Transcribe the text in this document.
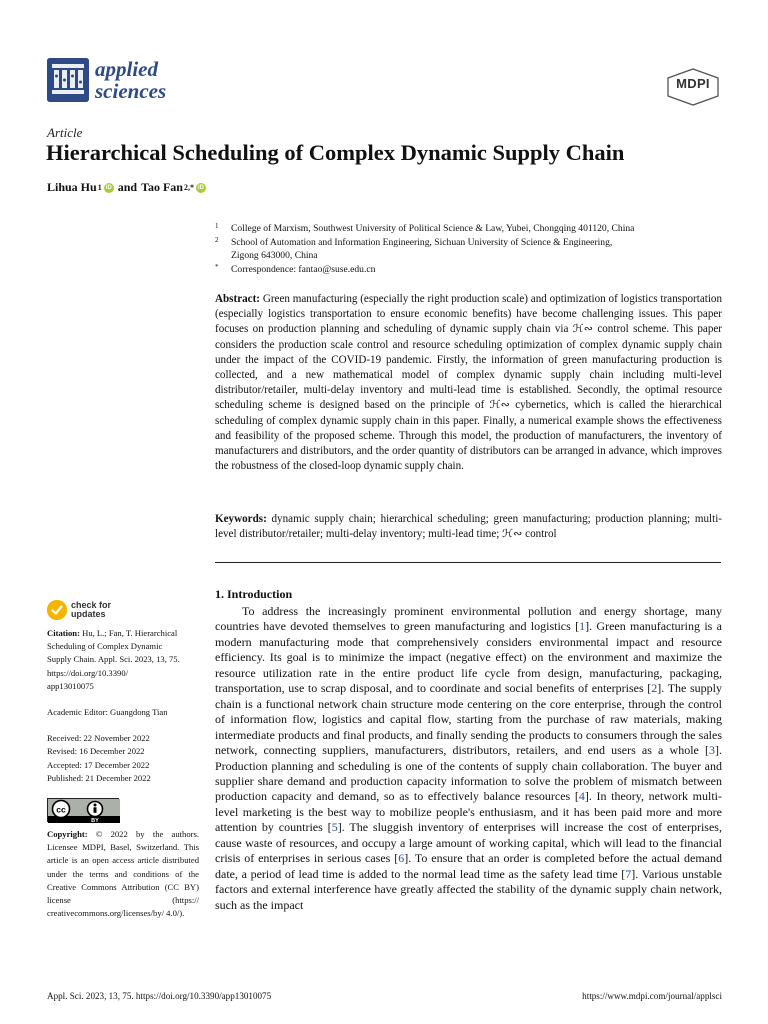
applied
sciences	MDPI
Article
Hierarchical Scheduling of Complex Dynamic Supply Chain
Lihua Hu 1 iD and Tao Fan 2,* iD
1 College of Marxism, Southwest University of Political Science & Law, Yubei, Chongqing 401120, China
2 School of Automation and Information Engineering, Sichuan University of Science & Engineering,
Zigong 643000, China
* Correspondence: fantao@suse.edu.cn
Abstract: Green manufacturing (especially the right production scale) and optimization of logistics transportation (especially logistics transportation to ensure economic benefits) have become challenging issues. This paper focuses on production planning and scheduling of dynamic supply chain via ℋ∾ control scheme. This paper considers the production scale control and resource scheduling optimization of complex dynamic supply chain under the impact of the COVID-19 pandemic. Firstly, the information of green manufacturing production is collected, and a new mathematical model of complex dynamic supply chain including multi-level distributor/retailer, multi-delay inventory and multi-lead time is established. Secondly, the optimal resource scheduling scheme is designed based on the principle of ℋ∾ cybernetics, which is called the hierarchical scheduling of complex dynamic supply chain in this paper. Finally, a numerical example shows the effectiveness and feasibility of the proposed scheme. Through this model, the production of manufacturers, the inventory of manufacturers and distributors, and the order quantity of distributors can be arranged in advance, which improves the robustness of the closed-loop dynamic supply chain.
Keywords: dynamic supply chain; hierarchical scheduling; green manufacturing; production planning; multi-level distributor/retailer; multi-delay inventory; multi-lead time; ℋ∾ control
1. Introduction
To address the increasingly prominent environmental pollution and energy shortage, many countries have devoted themselves to green manufacturing and logistics [1]. Green manufacturing is a modern manufacturing mode that comprehensively considers environmental impact and resource efficiency. Its goal is to minimize the impact (negative effect) on the environment and maximize the resource utilization rate in the entire product life cycle from design, manufacturing, packaging, transportation, use to scrap disposal, and to coordinate and social benefits of enterprises [2]. The supply chain is a functional network chain structure mode centering on the core enterprise, through the control of information flow, logistics and capital flow, starting from the purchase of raw materials, making intermediate products and final products, and finally sending the products to consumers through the sales network, connecting suppliers, manufacturers, distributors, retailers, and end users as a whole [3]. Production planning and scheduling is one of the contents of supply chain collaboration. The buyer and supplier share demand and production capacity information to solve the problem of mismatch between production capacity and demand, so as to effectively balance resources [4]. In theory, network multi-level marketing is the best way to mobilize people's enthusiasm, and it has been paid more and more attention by countries [5]. The sluggish inventory of enterprises will increase the cost of enterprises, cause waste of resources, and occupy a large amount of working capital, which will lead to the financial crisis of enterprises in serious cases [6]. To ensure that an order is completed before the actual demand date, a period of lead time is added to the normal lead time as the safety lead time [7]. Various unstable factors and external interference have greatly affected the stability of the dynamic supply chain network, such as the impact
check for
updates

Citation: Hu, L.; Fan, T. Hierarchical

Scheduling of Complex Dynamic

Supply Chain. Appl. Sci. 2023, 13, 75.

https://doi.org/10.3390/

app13010075

Academic Editor: Guangdong Tian

Received: 22 November 2022

Revised: 16 December 2022

Accepted: 17 December 2022

Published: 21 December 2022

cc
BY

Copyright: © 2022 by the authors. Licensee MDPI, Basel, Switzerland. This article is an open access article distributed under the terms and conditions of the Creative Commons Attribution (CC BY) license (https:// creativecommons.org/licenses/by/ 4.0/).

Appl. Sci. 2023, 13, 75. https://doi.org/10.3390/app13010075	https://www.mdpi.com/journal/applsci
